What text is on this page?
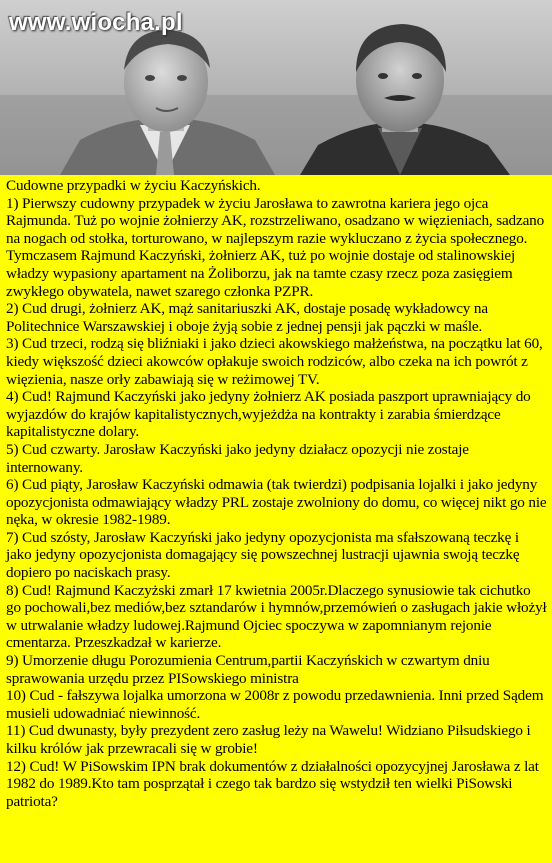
www.wiocha.pl

Cudowne przypadki w życiu Kaczyńskich.

1) Pierwszy cudowny przypadek w życiu Jarosława to zawrotna kariera jego ojca Rajmunda. Tuż po wojnie żołnierzy AK, rozstrzeliwano, osadzano w więzieniach, sadzano na nogach od stołka, torturowano, w najlepszym razie wykluczano z życia społecznego. Tymczasem Rajmund Kaczyński, żołnierz AK, tuż po wojnie dostaje od stalinowskiej władzy wypasiony apartament na Żoliborzu, jak na tamte czasy rzecz poza zasięgiem zwykłego obywatela, nawet szarego członka PZPR.

2) Cud drugi, żołnierz AK, mąż sanitariuszki AK, dostaje posadę wykładowcy na Politechnice Warszawskiej i oboje żyją sobie z jednej pensji jak pączki w maśle.

3) Cud trzeci, rodzą się bliźniaki i jako dzieci akowskiego małżeństwa, na początku lat 60, kiedy większość dzieci akowców opłakuje swoich rodziców, albo czeka na ich powrót z więzienia, nasze orły zabawiają się w reżimowej TV.

4) Cud! Rajmund Kaczyński jako jedyny żołnierz AK posiada paszport uprawniający do wyjazdów do krajów kapitalistycznych,wyjeżdża na kontrakty i zarabia śmierdzące kapitalistyczne dolary.

5) Cud czwarty. Jarosław Kaczyński jako jedyny działacz opozycji nie zostaje internowany.

6) Cud piąty, Jarosław Kaczyński odmawia (tak twierdzi) podpisania lojalki i jako jedyny opozycjonista odmawiający władzy PRL zostaje zwolniony do domu, co więcej nikt go nie nęka, w okresie 1982-1989.

7) Cud szósty, Jarosław Kaczyński jako jedyny opozycjonista ma sfałszowaną teczkę i jako jedyny opozycjonista domagający się powszechnej lustracji ujawnia swoją teczkę dopiero po naciskach prasy.

8) Cud! Rajmund Kaczyżski zmarł 17 kwietnia 2005r.Dlaczego synusiowie tak cichutko go pochowali,bez mediów,bez sztandarów i hymnów,przemówień o zasługach jakie włożył w utrwalanie władzy ludowej.Rajmund Ojciec spoczywa w zapomnianym rejonie cmentarza. Przeszkadzał w karierze.

9) Umorzenie długu Porozumienia Centrum,partii Kaczyńskich w czwartym dniu sprawowania urzędu przez PISowskiego ministra

10) Cud - fałszywa lojalka umorzona w 2008r z powodu przedawnienia. Inni przed Sądem musieli udowadniać niewinność.

11) Cud dwunasty, były prezydent zero zasług leży na Wawelu! Widziano Piłsudskiego i kilku królów jak przewracali się w grobie!

12) Cud! W PiSowskim IPN brak dokumentów z działalności opozycyjnej Jarosława z lat 1982 do 1989.Kto tam posprzątał i czego tak bardzo się wstydził ten wielki PiSowski patriota?
